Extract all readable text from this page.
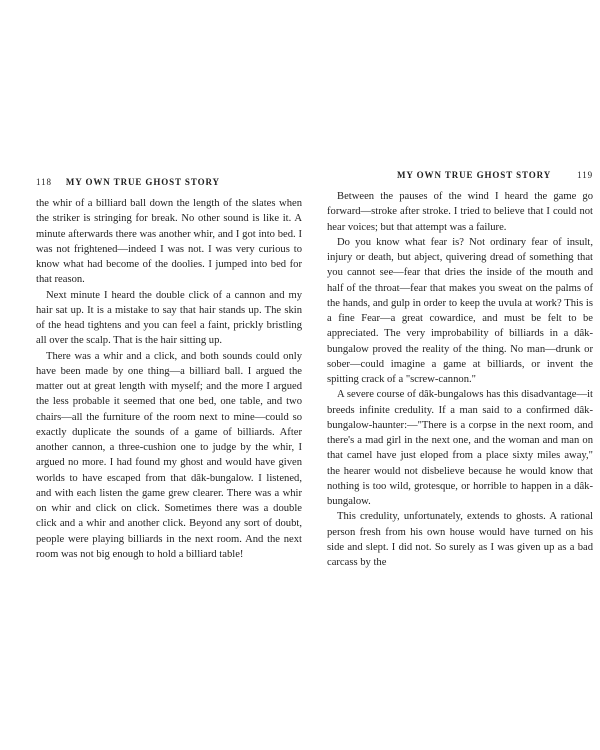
118 MY OWN TRUE GHOST STORY

the whir of a billiard ball down the length of the slates when the striker is stringing for break. No other sound is like it. A minute afterwards there was another whir, and I got into bed. I was not frightened—indeed I was not. I was very curious to know what had become of the doolies. I jumped into bed for that reason.

Next minute I heard the double click of a cannon and my hair sat up. It is a mistake to say that hair stands up. The skin of the head tightens and you can feel a faint, prickly bristling all over the scalp. That is the hair sitting up.

There was a whir and a click, and both sounds could only have been made by one thing—a billiard ball. I argued the matter out at great length with myself; and the more I argued the less probable it seemed that one bed, one table, and two chairs—all the furniture of the room next to mine—could so exactly duplicate the sounds of a game of billiards. After another cannon, a three-cushion one to judge by the whir, I argued no more. I had found my ghost and would have given worlds to have escaped from that dâk-bungalow. I listened, and with each listen the game grew clearer. There was a whir on whir and click on click. Sometimes there was a double click and a whir and another click. Beyond any sort of doubt, people were playing billiards in the next room. And the next room was not big enough to hold a billiard table!

MY OWN TRUE GHOST STORY	119

Between the pauses of the wind I heard the game go forward—stroke after stroke. I tried to believe that I could not hear voices; but that attempt was a failure.

Do you know what fear is? Not ordinary fear of insult, injury or death, but abject, quivering dread of something that you cannot see—fear that dries the inside of the mouth and half of the throat—fear that makes you sweat on the palms of the hands, and gulp in order to keep the uvula at work? This is a fine Fear—a great cowardice, and must be felt to be appreciated. The very improbability of billiards in a dâk-bungalow proved the reality of the thing. No man—drunk or sober—could imagine a game at billiards, or invent the spitting crack of a "screw-cannon."

A severe course of dâk-bungalows has this disadvantage—it breeds infinite credulity. If a man said to a confirmed dâk-bungalow-haunter:—"There is a corpse in the next room, and there's a mad girl in the next one, and the woman and man on that camel have just eloped from a place sixty miles away," the hearer would not disbelieve because he would know that nothing is too wild, grotesque, or horrible to happen in a dâk-bungalow.

This credulity, unfortunately, extends to ghosts. A rational person fresh from his own house would have turned on his side and slept. I did not. So surely as I was given up as a bad carcass by the
